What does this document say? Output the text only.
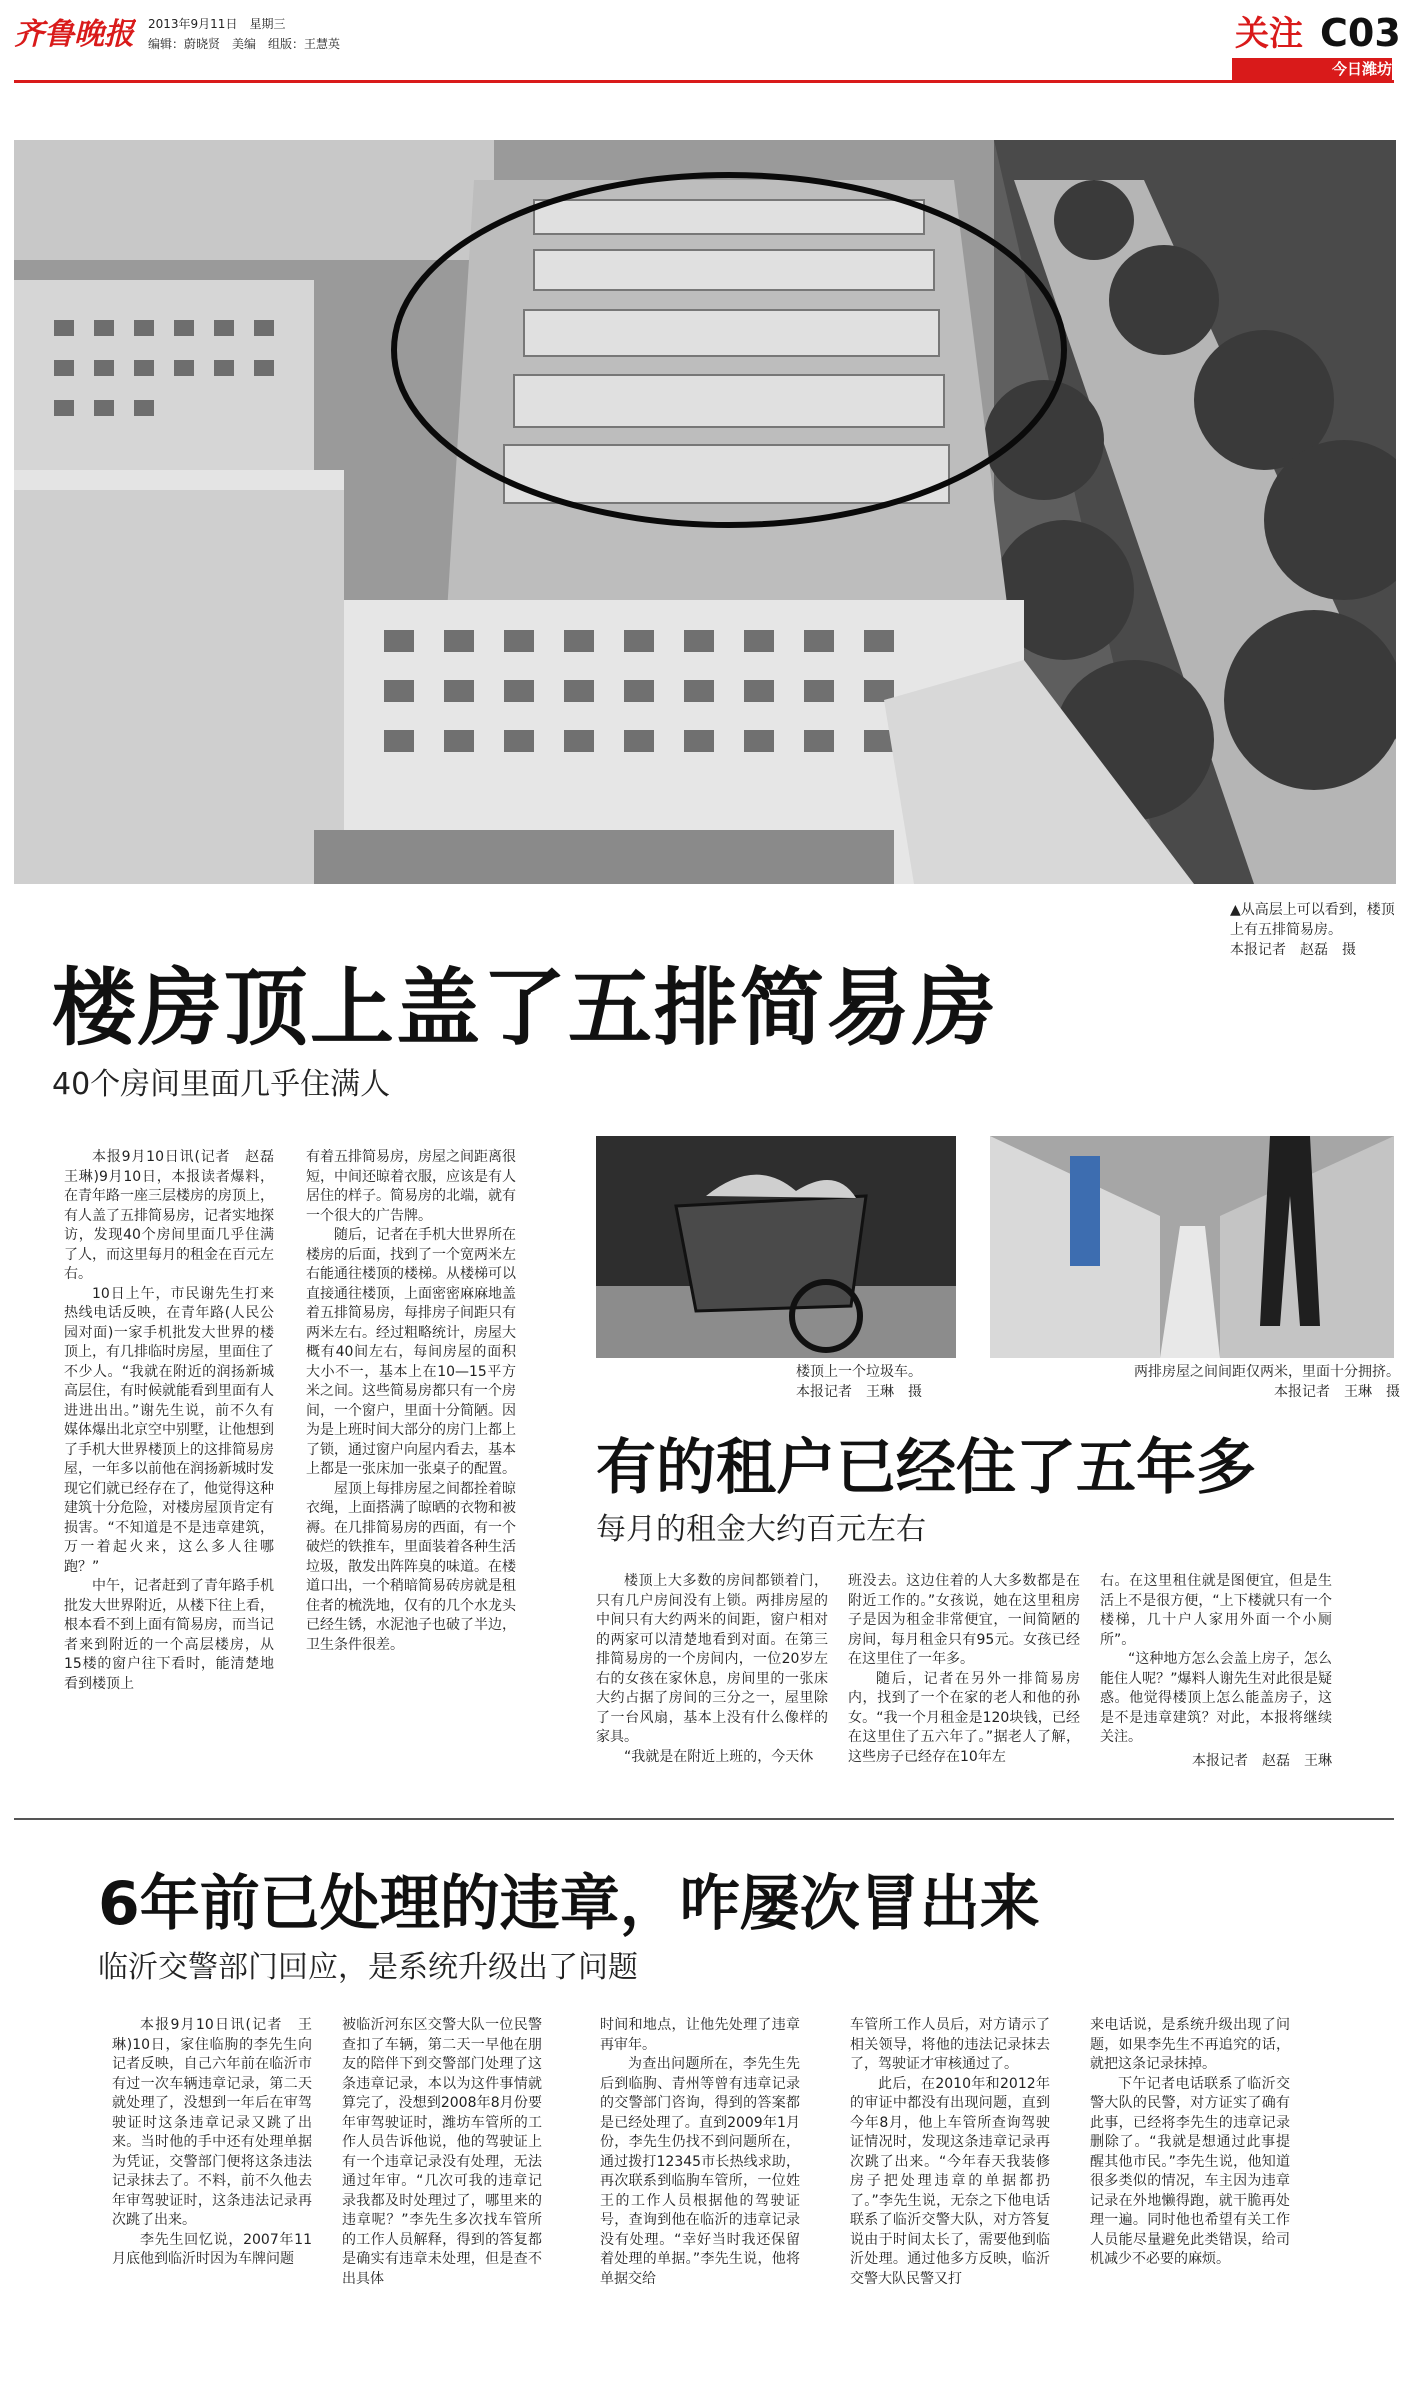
齐鲁晚报 2013年9月11日　星期三
编辑：蔚晓贤　美编　组版：王慧英	关注 C03
今日潍坊
▲从高层上可以看到，楼顶上有五排简易房。
本报记者　赵磊　摄
楼房顶上盖了五排简易房
40个房间里面几乎住满人

本报9月10日讯(记者　赵磊　王琳)9月10日，本报读者爆料，在青年路一座三层楼房的房顶上，有人盖了五排简易房，记者实地探访，发现40个房间里面几乎住满了人，而这里每月的租金在百元左右。

10日上午，市民谢先生打来热线电话反映，在青年路(人民公园对面)一家手机批发大世界的楼顶上，有几排临时房屋，里面住了不少人。“我就在附近的润扬新城高层住，有时候就能看到里面有人进进出出。”谢先生说，前不久有媒体爆出北京空中别墅，让他想到了手机大世界楼顶上的这排简易房屋，一年多以前他在润扬新城时发现它们就已经存在了，他觉得这种建筑十分危险，对楼房屋顶肯定有损害。“不知道是不是违章建筑，万一着起火来，这么多人往哪跑？”

中午，记者赶到了青年路手机批发大世界附近，从楼下往上看，根本看不到上面有简易房，而当记者来到附近的一个高层楼房，从15楼的窗户往下看时，能清楚地看到楼顶上

有着五排简易房，房屋之间距离很短，中间还晾着衣服，应该是有人居住的样子。简易房的北端，就有一个很大的广告牌。

随后，记者在手机大世界所在楼房的后面，找到了一个宽两米左右能通往楼顶的楼梯。从楼梯可以直接通往楼顶，上面密密麻麻地盖着五排简易房，每排房子间距只有两米左右。经过粗略统计，房屋大概有40间左右，每间房屋的面积大小不一，基本上在10—15平方米之间。这些简易房都只有一个房间，一个窗户，里面十分简陋。因为是上班时间大部分的房门上都上了锁，通过窗户向屋内看去，基本上都是一张床加一张桌子的配置。

屋顶上每排房屋之间都拴着晾衣绳，上面搭满了晾晒的衣物和被褥。在几排简易房的西面，有一个破烂的铁推车，里面装着各种生活垃圾，散发出阵阵臭的味道。在楼道口出，一个稍暗简易砖房就是租住者的梳洗地，仅有的几个水龙头已经生锈，水泥池子也破了半边，卫生条件很差。

楼顶上一个垃圾车。
本报记者　王琳　摄
两排房屋之间间距仅两米，里面十分拥挤。
本报记者　王琳　摄
有的租户已经住了五年多
每月的租金大约百元左右

楼顶上大多数的房间都锁着门，只有几户房间没有上锁。两排房屋的中间只有大约两米的间距，窗户相对的两家可以清楚地看到对面。在第三排简易房的一个房间内，一位20岁左右的女孩在家休息，房间里的一张床大约占据了房间的三分之一，屋里除了一台风扇，基本上没有什么像样的家具。

“我就是在附近上班的，今天休

班没去。这边住着的人大多数都是在附近工作的。”女孩说，她在这里租房子是因为租金非常便宜，一间简陋的房间，每月租金只有95元。女孩已经在这里住了一年多。

随后，记者在另外一排简易房内，找到了一个在家的老人和他的孙女。“我一个月租金是120块钱，已经在这里住了五六年了。”据老人了解，这些房子已经存在10年左

右。在这里租住就是图便宜，但是生活上不是很方便，“上下楼就只有一个楼梯，几十户人家用外面一个小厕所”。

“这种地方怎么会盖上房子，怎么能住人呢？”爆料人谢先生对此很是疑惑。他觉得楼顶上怎么能盖房子，这是不是违章建筑？对此，本报将继续关注。

本报记者　赵磊　王琳
6年前已处理的违章，咋屡次冒出来
临沂交警部门回应，是系统升级出了问题

本报9月10日讯(记者　王琳)10日，家住临朐的李先生向记者反映，自己六年前在临沂市有过一次车辆违章记录，第二天就处理了，没想到一年后在审驾驶证时这条违章记录又跳了出来。当时他的手中还有处理单据为凭证，交警部门便将这条违法记录抹去了。不料，前不久他去年审驾驶证时，这条违法记录再次跳了出来。

李先生回忆说，2007年11月底他到临沂时因为车牌问题

被临沂河东区交警大队一位民警查扣了车辆，第二天一早他在朋友的陪伴下到交警部门处理了这条违章记录，本以为这件事情就算完了，没想到2008年8月份要年审驾驶证时，潍坊车管所的工作人员告诉他说，他的驾驶证上有一个违章记录没有处理，无法通过年审。“几次可我的违章记录我都及时处理过了，哪里来的违章呢？”李先生多次找车管所的工作人员解释，得到的答复都是确实有违章未处理，但是查不出具体

时间和地点，让他先处理了违章再审年。

为查出问题所在，李先生先后到临朐、青州等曾有违章记录的交警部门咨询，得到的答案都是已经处理了。直到2009年1月份，李先生仍找不到问题所在，通过拨打12345市长热线求助，再次联系到临朐车管所，一位姓王的工作人员根据他的驾驶证号，查询到他在临沂的违章记录没有处理。“幸好当时我还保留着处理的单据。”李先生说，他将单据交给

车管所工作人员后，对方请示了相关领导，将他的违法记录抹去了，驾驶证才审核通过了。

此后，在2010年和2012年的审证中都没有出现问题，直到今年8月，他上车管所查询驾驶证情况时，发现这条违章记录再次跳了出来。“今年春天我装修房子把处理违章的单据都扔了。”李先生说，无奈之下他电话联系了临沂交警大队，对方答复说由于时间太长了，需要他到临沂处理。通过他多方反映，临沂交警大队民警又打

来电话说，是系统升级出现了问题，如果李先生不再追究的话，就把这条记录抹掉。

下午记者电话联系了临沂交警大队的民警，对方证实了确有此事，已经将李先生的违章记录删除了。“我就是想通过此事提醒其他市民。”李先生说，他知道很多类似的情况，车主因为违章记录在外地懒得跑，就干脆再处理一遍。同时他也希望有关工作人员能尽量避免此类错误，给司机减少不必要的麻烦。
